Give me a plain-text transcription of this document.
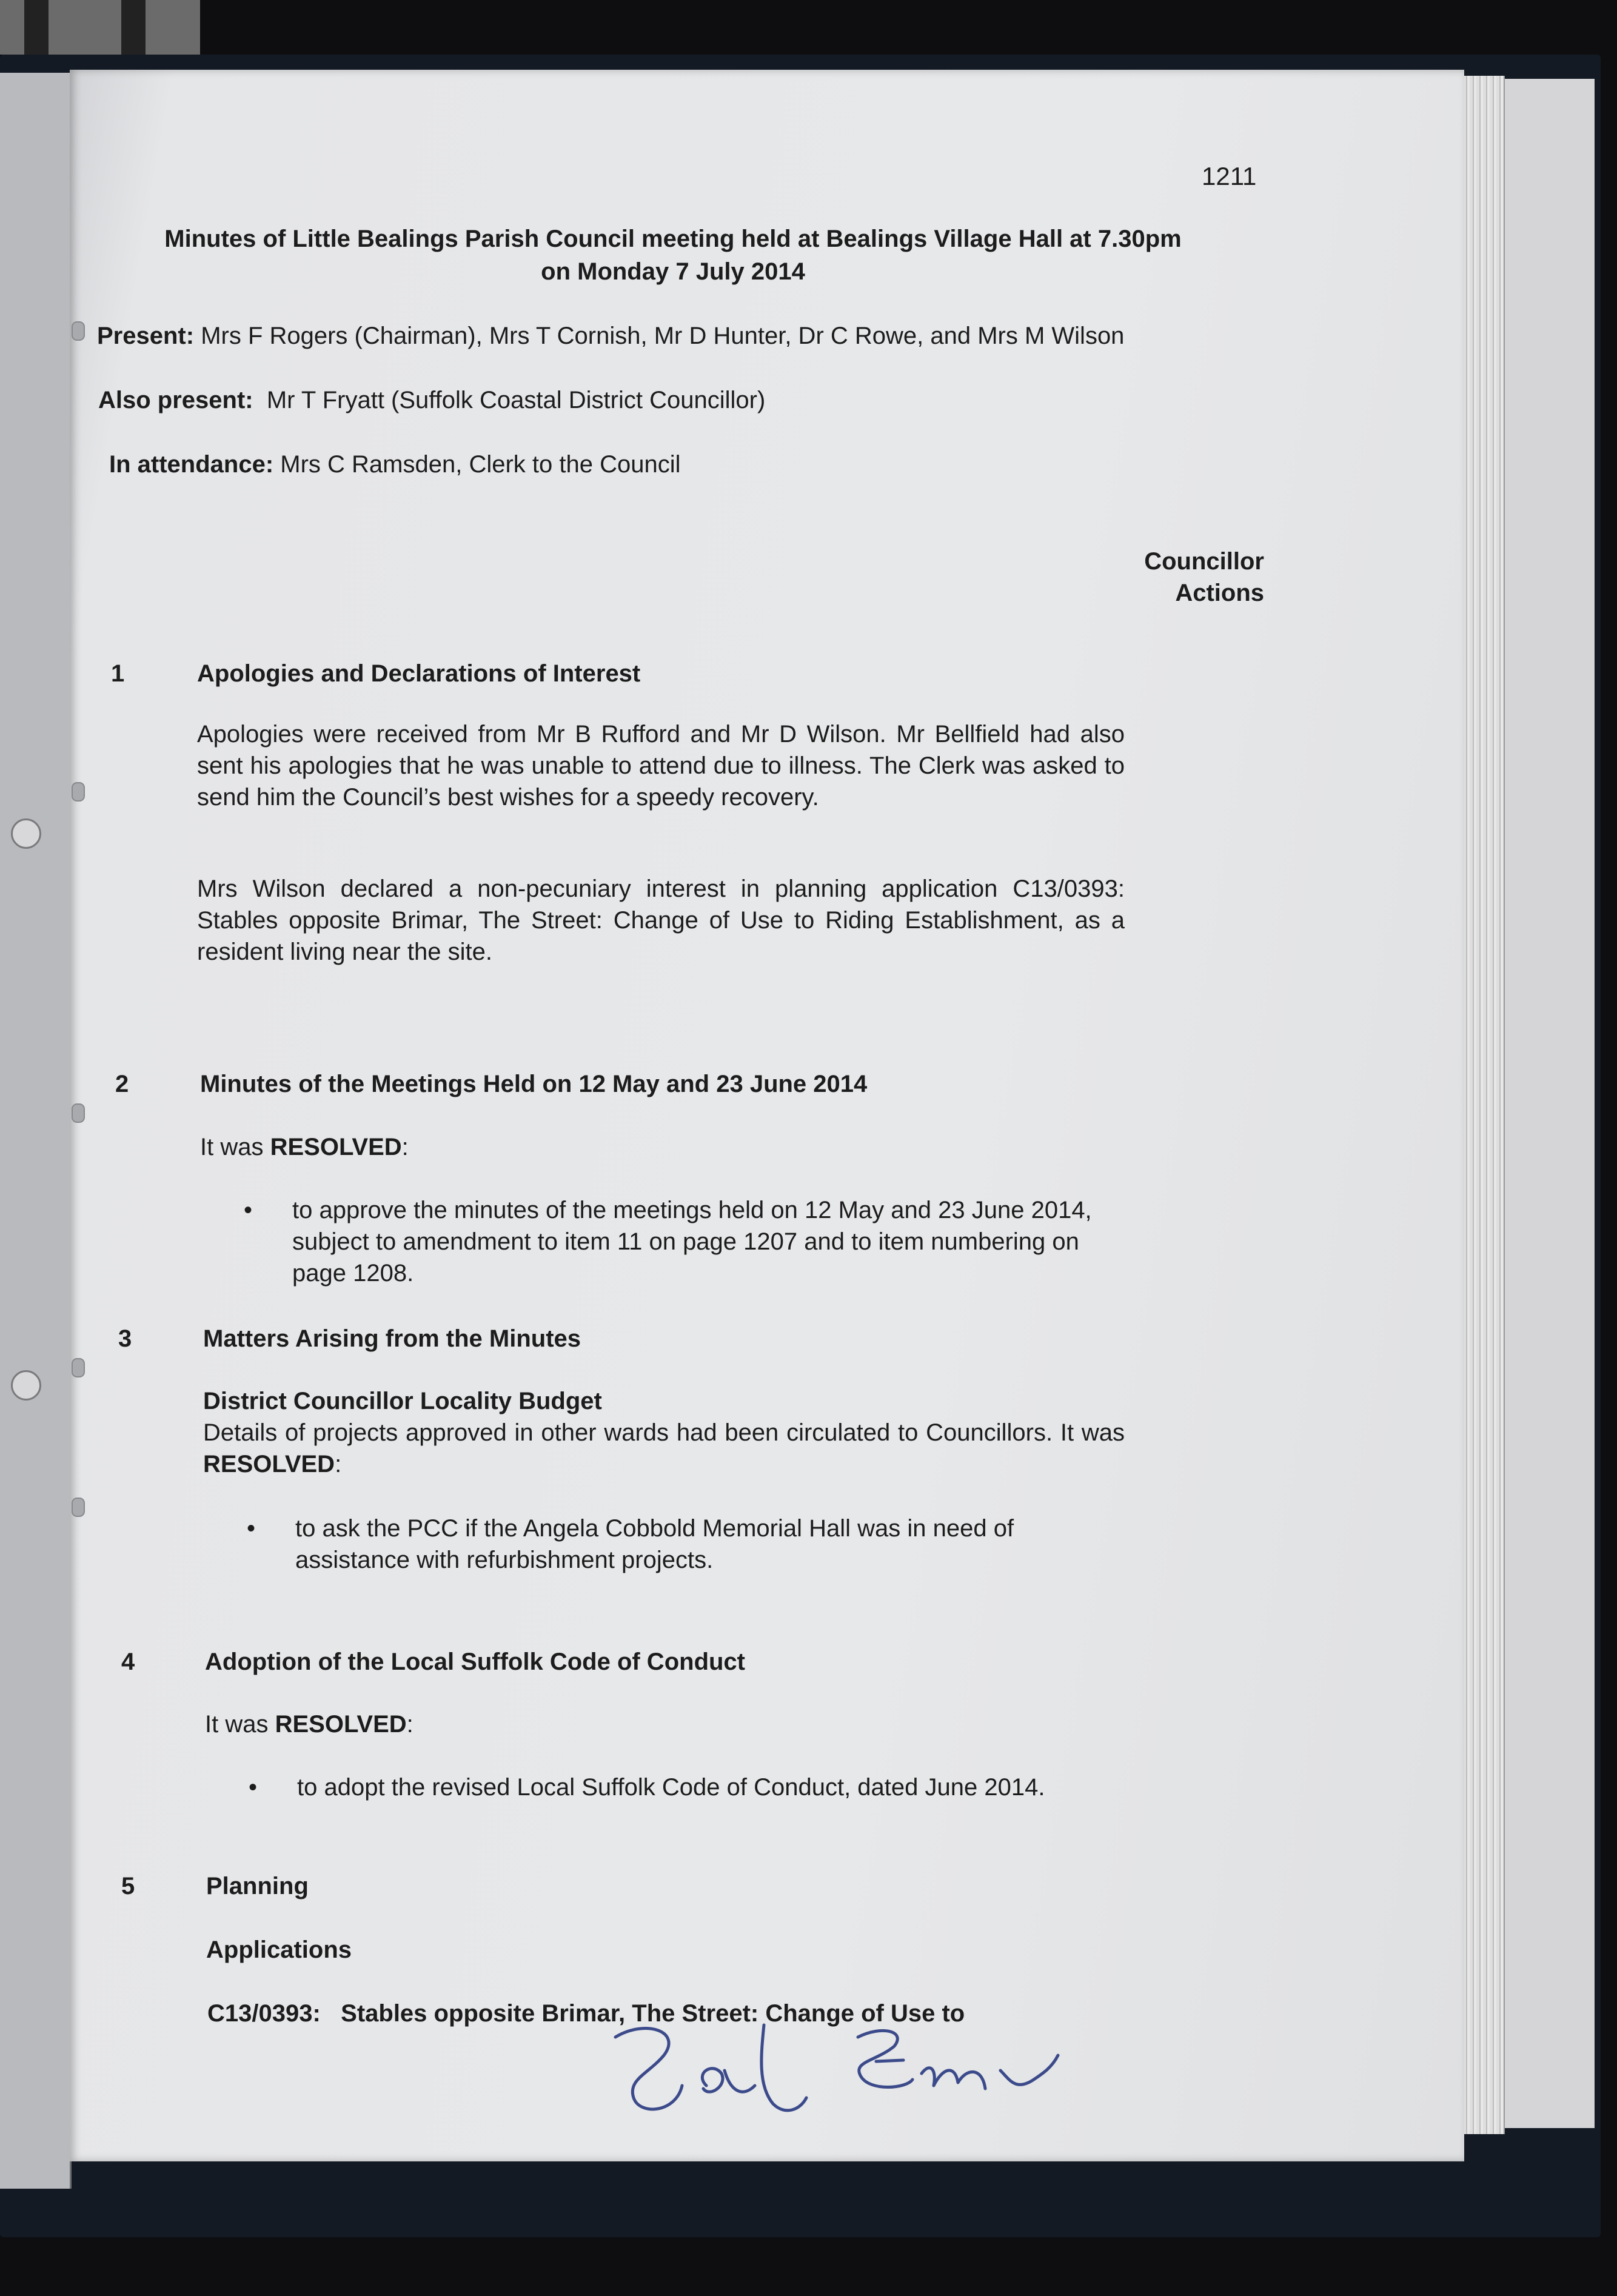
1211
Minutes of Little Bealings Parish Council meeting held at Bealings Village Hall at 7.30pm
on Monday 7 July 2014
Present: Mrs F Rogers (Chairman), Mrs T Cornish, Mr D Hunter, Dr C Rowe, and Mrs M Wilson
Also present: Mr T Fryatt (Suffolk Coastal District Councillor)
In attendance: Mrs C Ramsden, Clerk to the Council
Councillor
Actions
1	Apologies and Declarations of Interest
Apologies were received from Mr B Rufford and Mr D Wilson. Mr Bellfield had also sent his apologies that he was unable to attend due to illness. The Clerk was asked to send him the Council’s best wishes for a speedy recovery.
Mrs Wilson declared a non-pecuniary interest in planning application C13/0393: Stables opposite Brimar, The Street: Change of Use to Riding Establishment, as a resident living near the site.
2	Minutes of the Meetings Held on 12 May and 23 June 2014
It was RESOLVED:
• to approve the minutes of the meetings held on 12 May and 23 June 2014, subject to amendment to item 11 on page 1207 and to item numbering on page 1208.
3	Matters Arising from the Minutes
District Councillor Locality Budget
Details of projects approved in other wards had been circulated to Councillors. It was RESOLVED:
• to ask the PCC if the Angela Cobbold Memorial Hall was in need of assistance with refurbishment projects.
4	Adoption of the Local Suffolk Code of Conduct
It was RESOLVED:
• to adopt the revised Local Suffolk Code of Conduct, dated June 2014.
5	Planning
Applications
C13/0393: Stables opposite Brimar, The Street: Change of Use to
